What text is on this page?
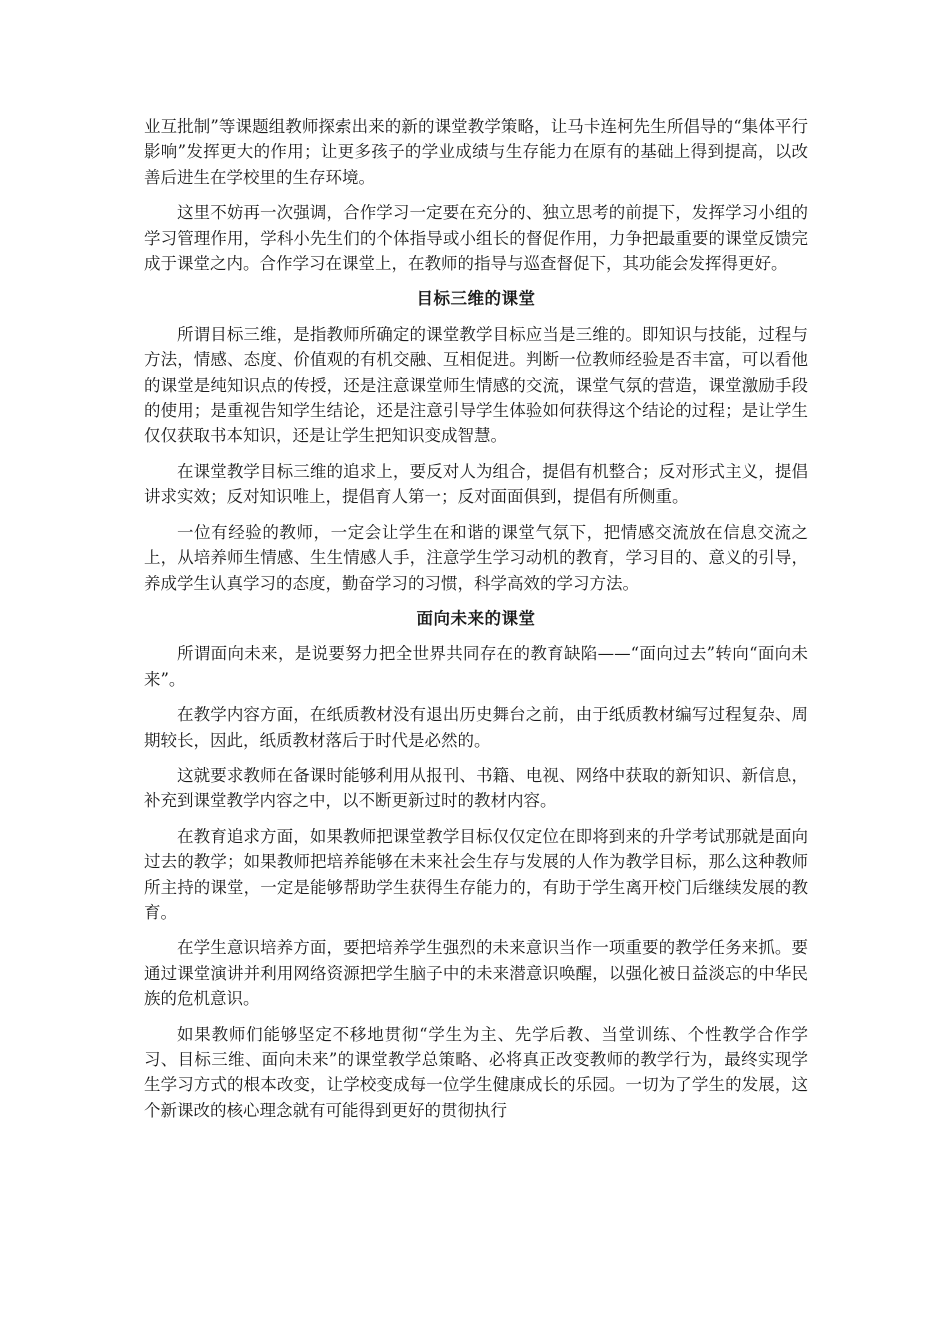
业互批制”等课题组教师探索出来的新的课堂教学策略，让马卡连柯先生所倡导的“集体平行影响”发挥更大的作用；让更多孩子的学业成绩与生存能力在原有的基础上得到提高，以改善后进生在学校里的生存环境。

这里不妨再一次强调，合作学习一定要在充分的、独立思考的前提下，发挥学习小组的学习管理作用，学科小先生们的个体指导或小组长的督促作用，力争把最重要的课堂反馈完成于课堂之内。合作学习在课堂上，在教师的指导与巡查督促下，其功能会发挥得更好。

目标三维的课堂

所谓目标三维，是指教师所确定的课堂教学目标应当是三维的。即知识与技能，过程与方法，情感、态度、价值观的有机交融、互相促进。判断一位教师经验是否丰富，可以看他的课堂是纯知识点的传授，还是注意课堂师生情感的交流，课堂气氛的营造，课堂激励手段的使用；是重视告知学生结论，还是注意引导学生体验如何获得这个结论的过程；是让学生仅仅获取书本知识，还是让学生把知识变成智慧。

在课堂教学目标三维的追求上，要反对人为组合，提倡有机整合；反对形式主义，提倡讲求实效；反对知识唯上，提倡育人第一；反对面面俱到，提倡有所侧重。

一位有经验的教师，一定会让学生在和谐的课堂气氛下，把情感交流放在信息交流之上，从培养师生情感、生生情感人手，注意学生学习动机的教育，学习目的、意义的引导，养成学生认真学习的态度，勤奋学习的习惯，科学高效的学习方法。

面向未来的课堂

所谓面向未来，是说要努力把全世界共同存在的教育缺陷——“面向过去”转向“面向未来”。

在教学内容方面，在纸质教材没有退出历史舞台之前，由于纸质教材编写过程复杂、周期较长，因此，纸质教材落后于时代是必然的。

这就要求教师在备课时能够利用从报刊、书籍、电视、网络中获取的新知识、新信息，补充到课堂教学内容之中，以不断更新过时的教材内容。

在教育追求方面，如果教师把课堂教学目标仅仅定位在即将到来的升学考试那就是面向过去的教学；如果教师把培养能够在未来社会生存与发展的人作为教学目标，那么这种教师所主持的课堂，一定是能够帮助学生获得生存能力的，有助于学生离开校门后继续发展的教育。

在学生意识培养方面，要把培养学生强烈的未来意识当作一项重要的教学任务来抓。要通过课堂演讲并利用网络资源把学生脑子中的未来潜意识唤醒，以强化被日益淡忘的中华民族的危机意识。

如果教师们能够坚定不移地贯彻“学生为主、先学后教、当堂训练、个性教学合作学习、目标三维、面向未来”的课堂教学总策略、必将真正改变教师的教学行为，最终实现学生学习方式的根本改变，让学校变成每一位学生健康成长的乐园。一切为了学生的发展，这个新课改的核心理念就有可能得到更好的贯彻执行
